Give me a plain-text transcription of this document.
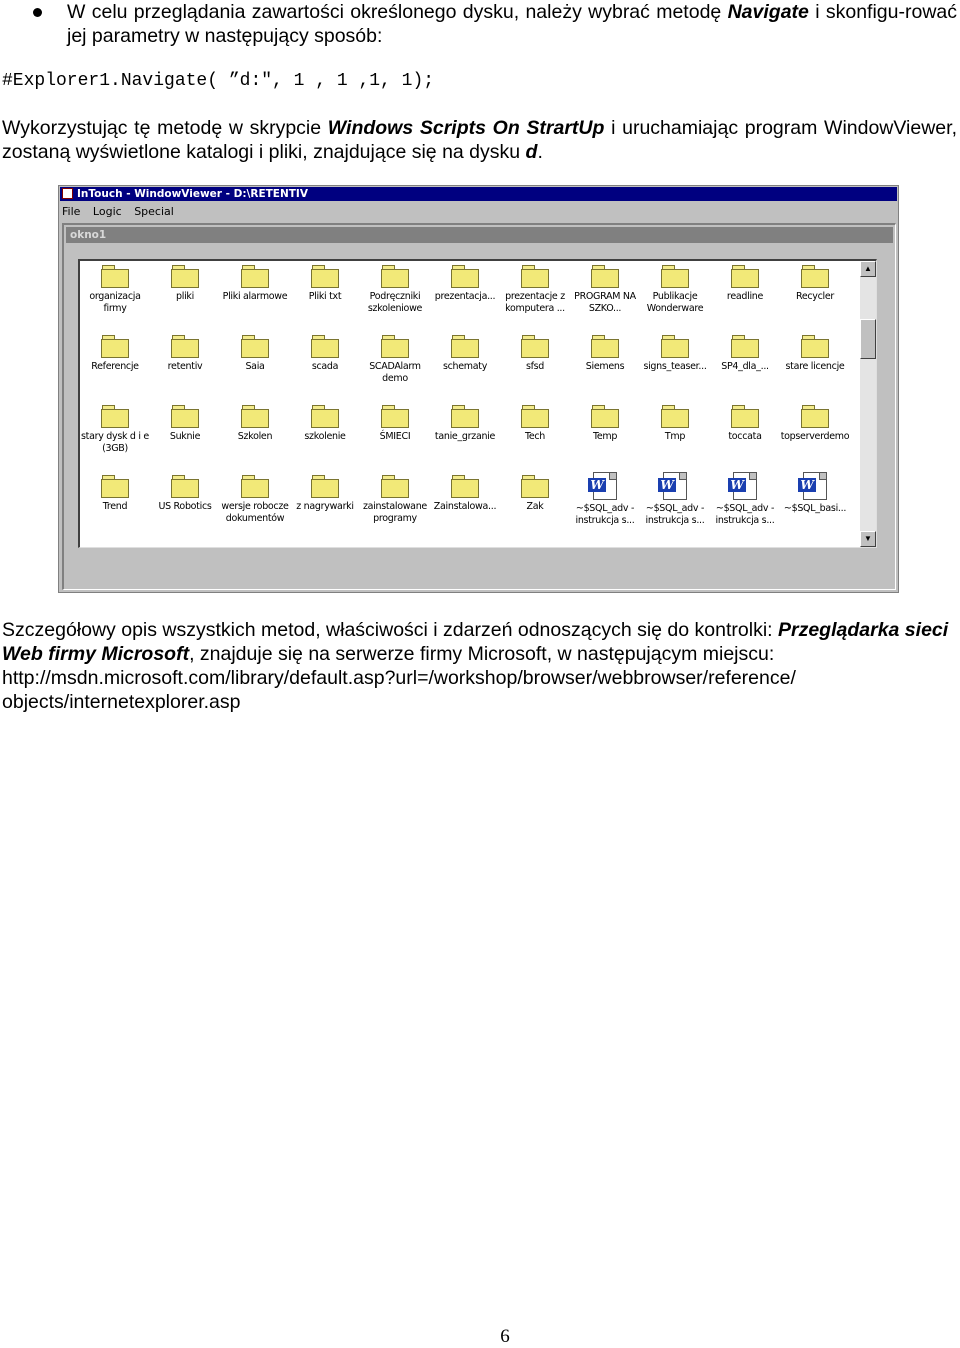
W celu przeglądania zawartości określonego dysku, należy wybrać metodę Navigate i skonfigu-rować jej parametry w następujący sposób:

#Explorer1.Navigate( ”d:", 1 , 1 ,1, 1);

Wykorzystując tę metodę w skrypcie Windows Scripts On StrartUp i uruchamiając program WindowViewer, zostaną wyświetlone katalogi i pliki, znajdujące się na dysku d.

InTouch - WindowViewer - D:\RETENTIV
File Logic Special
okno1
organizacja firmy
pliki	Pliki alarmowe	Pliki txt	Podręczniki szkoleniowe
prezentacja...	prezentacje z komputera ...
PROGRAM NA SZKO...
Publikacje Wonderware
readline	Recycler
Referencje	retentiv	Saia	scada	SCADAlarm demo
schematy	sfsd	Siemens	signs_teaser...	SP4_dla_...	stare licencje
stary dysk d i e (3GB)
Suknie	Szkolen	szkolenie	ŚMIECI	tanie_grzanie	Tech	Temp	Tmp	toccata	topserverdemo
Trend	US Robotics	wersje robocze dokumentów
z nagrywarki zainstalowane programy
Zainstalowa...	Zak
W
~$SQL_adv - instrukcja s...
W
~$SQL_adv - instrukcja s...
W
~$SQL_adv - instrukcja s...
W
~$SQL_basi...
▲
▼

Szczegółowy opis wszystkich metod, właściwości i zdarzeń odnoszących się do kontrolki: Przeglądarka sieci Web firmy Microsoft, znajduje się na serwerze firmy Microsoft, w następującym miejscu: http://msdn.microsoft.com/library/default.asp?url=/workshop/browser/webbrowser/reference/ objects/internetexplorer.asp

6
